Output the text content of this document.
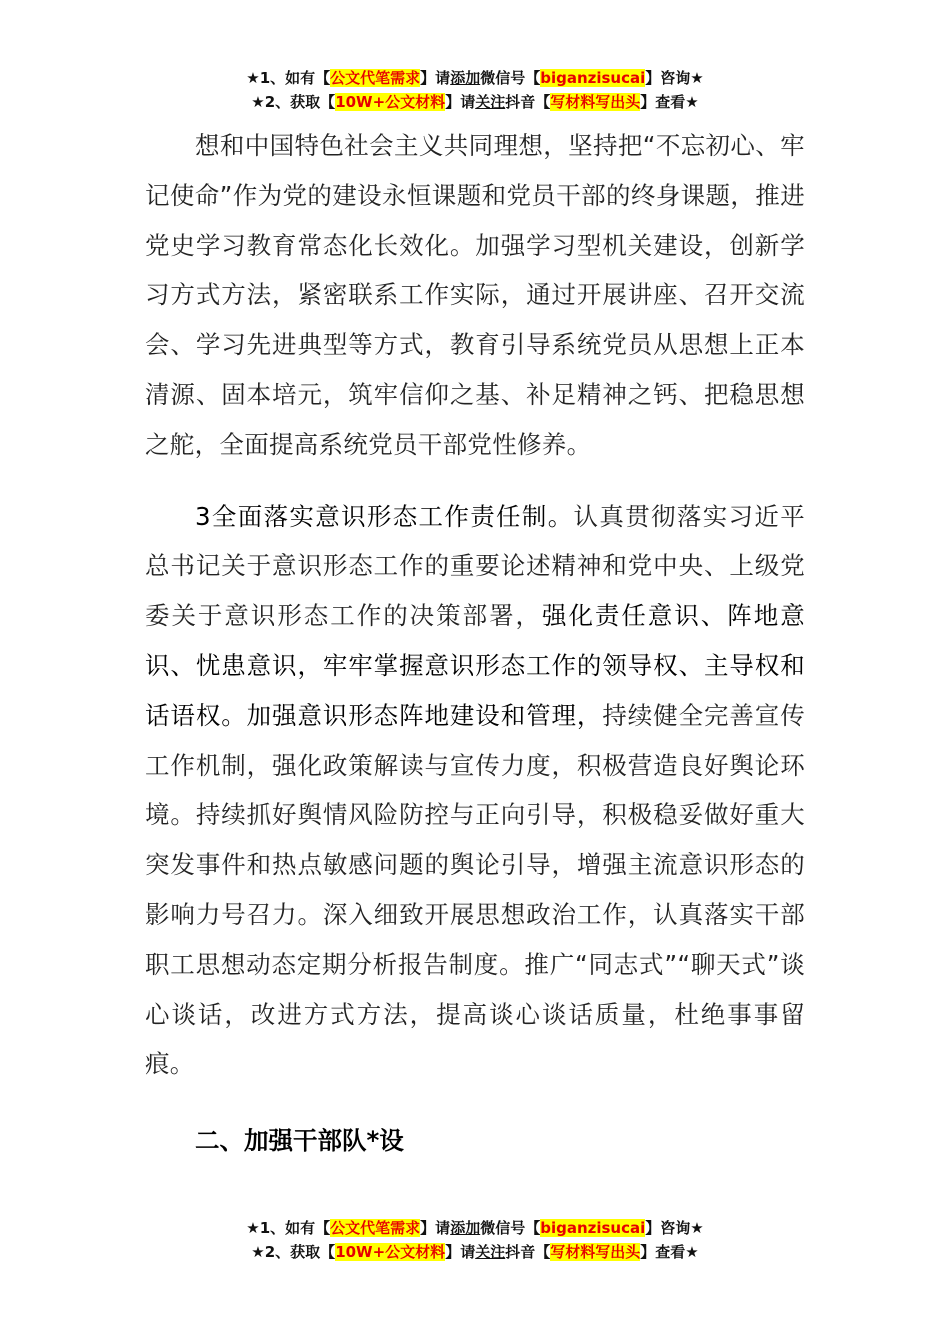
★1、如有【公文代笔需求】请添加微信号【biganzisucai】咨询★
★2、获取【10W+公文材料】请关注抖音【写材料写出头】查看★

想和中国特色社会主义共同理想，坚持把“不忘初心、牢记使命”作为党的建设永恒课题和党员干部的终身课题，推进党史学习教育常态化长效化。加强学习型机关建设，创新学习方式方法，紧密联系工作实际，通过开展讲座、召开交流会、学习先进典型等方式，教育引导系统党员从思想上正本清源、固本培元，筑牢信仰之基、补足精神之钙、把稳思想之舵，全面提高系统党员干部党性修养。

3全面落实意识形态工作责任制。认真贯彻落实习近平总书记关于意识形态工作的重要论述精神和党中央、上级党委关于意识形态工作的决策部署，强化责任意识、阵地意识、忧患意识，牢牢掌握意识形态工作的领导权、主导权和话语权。加强意识形态阵地建设和管理，持续健全完善宣传工作机制，强化政策解读与宣传力度，积极营造良好舆论环境。持续抓好舆情风险防控与正向引导，积极稳妥做好重大突发事件和热点敏感问题的舆论引导，增强主流意识形态的影响力号召力。深入细致开展思想政治工作，认真落实干部职工思想动态定期分析报告制度。推广“同志式”“聊天式”谈心谈话，改进方式方法，提高谈心谈话质量，杜绝事事留痕。

二、加强干部队*设
★1、如有【公文代笔需求】请添加微信号【biganzisucai】咨询★
★2、获取【10W+公文材料】请关注抖音【写材料写出头】查看★
